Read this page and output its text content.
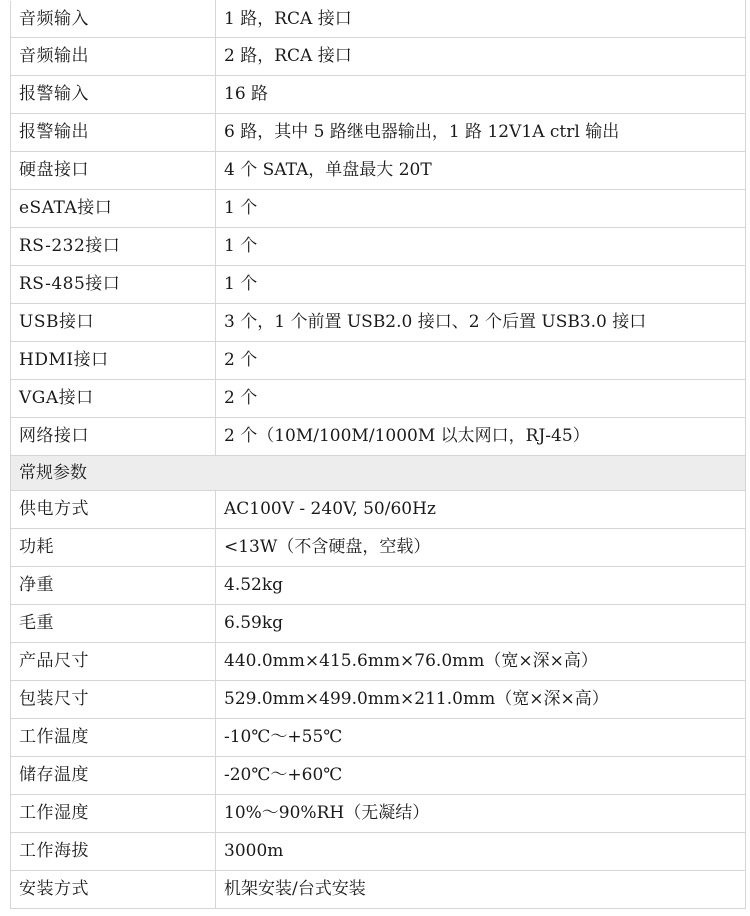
音频输入	1 路，RCA 接口
音频输出	2 路，RCA 接口
报警输入	16 路
报警输出	6 路，其中 5 路继电器输出，1 路 12V1A ctrl 输出
硬盘接口	4 个 SATA，单盘最大 20T
eSATA接口	1 个
RS-232接口	1 个
RS-485接口	1 个
USB接口	3 个，1 个前置 USB2.0 接口、2 个后置 USB3.0 接口
HDMI接口	2 个
VGA接口	2 个
网络接口	2 个（10M/100M/1000M 以太网口，RJ-45）
常规参数	
供电方式	AC100V - 240V, 50/60Hz
功耗	<13W（不含硬盘，空载）
净重	4.52kg
毛重	6.59kg
产品尺寸	440.0mm×415.6mm×76.0mm（宽×深×高）
包装尺寸	529.0mm×499.0mm×211.0mm（宽×深×高）
工作温度	-10℃～+55℃
储存温度	-20℃～+60℃
工作湿度	10%～90%RH（无凝结）
工作海拔	3000m
安装方式	机架安装/台式安装
